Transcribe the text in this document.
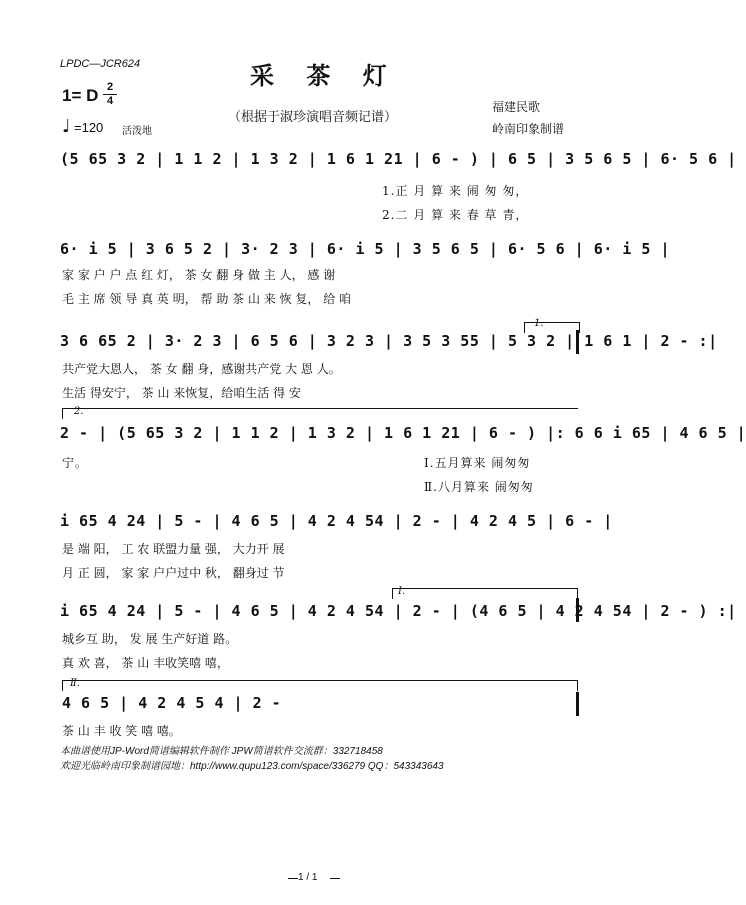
LPDC—JCR624	采 茶 灯
1= D 2
4
（根据于淑珍演唱音频记谱）
福建民歌
岭南印象制谱
♩ =120 活泼地
(5 65 3 2 | 1 1 2 | 1 3 2 | 1 6 1 21 | 6 - ) | 6 5 | 3 5 6 5 | 6· 5 6 |
1.正 月 算 来 闹 匆 匆，
2.二 月 算 来 春 草 青，
6· i 5 | 3 6 5 2 | 3· 2 3 | 6· i 5 | 3 5 6 5 | 6· 5 6 | 6· i 5 |
家 家 户 户 点 红 灯， 茶 女 翻 身 做 主 人， 感 谢
毛 主 席 领 导 真 英 明， 帮 助 茶 山 来 恢 复， 给 咱
1.
3 6 65 2 | 3· 2 3 | 6 5 6 | 3 2 3 | 3 5 3 55 | 5 3 2 | 1 6 1 | 2 - :|
共产党大恩人， 茶 女 翻 身，感谢共产党 大 恩 人。
生活 得安宁， 茶 山 来恢复，给咱生活 得 安
2.
2 - | (5 65 3 2 | 1 1 2 | 1 3 2 | 1 6 1 21 | 6 - ) |: 6 6 i 65 | 4 6 5 |
宁。	Ⅰ.五月算来 闹匆匆
Ⅱ.八月算来 闹匆匆
i 65 4 24 | 5 - | 4 6 5 | 4 2 4 54 | 2 - | 4 2 4 5 | 6 - |
是 端 阳， 工 农 联盟力量 强， 大力开 展
月 正 圆， 家 家 户户过中 秋， 翻身过 节
Ⅰ.
i 65 4 24 | 5 - | 4 6 5 | 4 2 4 54 | 2 - | (4 6 5 | 4 2 4 54 | 2 - ) :|
城乡互 助， 发 展 生产好道 路。
真 欢 喜， 茶 山 丰收笑嘻 嘻，
Ⅱ.
4 6 5 | 4 2 4 5 4 | 2 -
茶 山 丰 收 笑 嘻 嘻。
本曲谱使用JP-Word简谱编辑软件制作 JPW简谱软件交流群：332718458
欢迎光临岭南印象制谱园地：http://www.qupu123.com/space/336279 QQ：543343643
1 / 1
